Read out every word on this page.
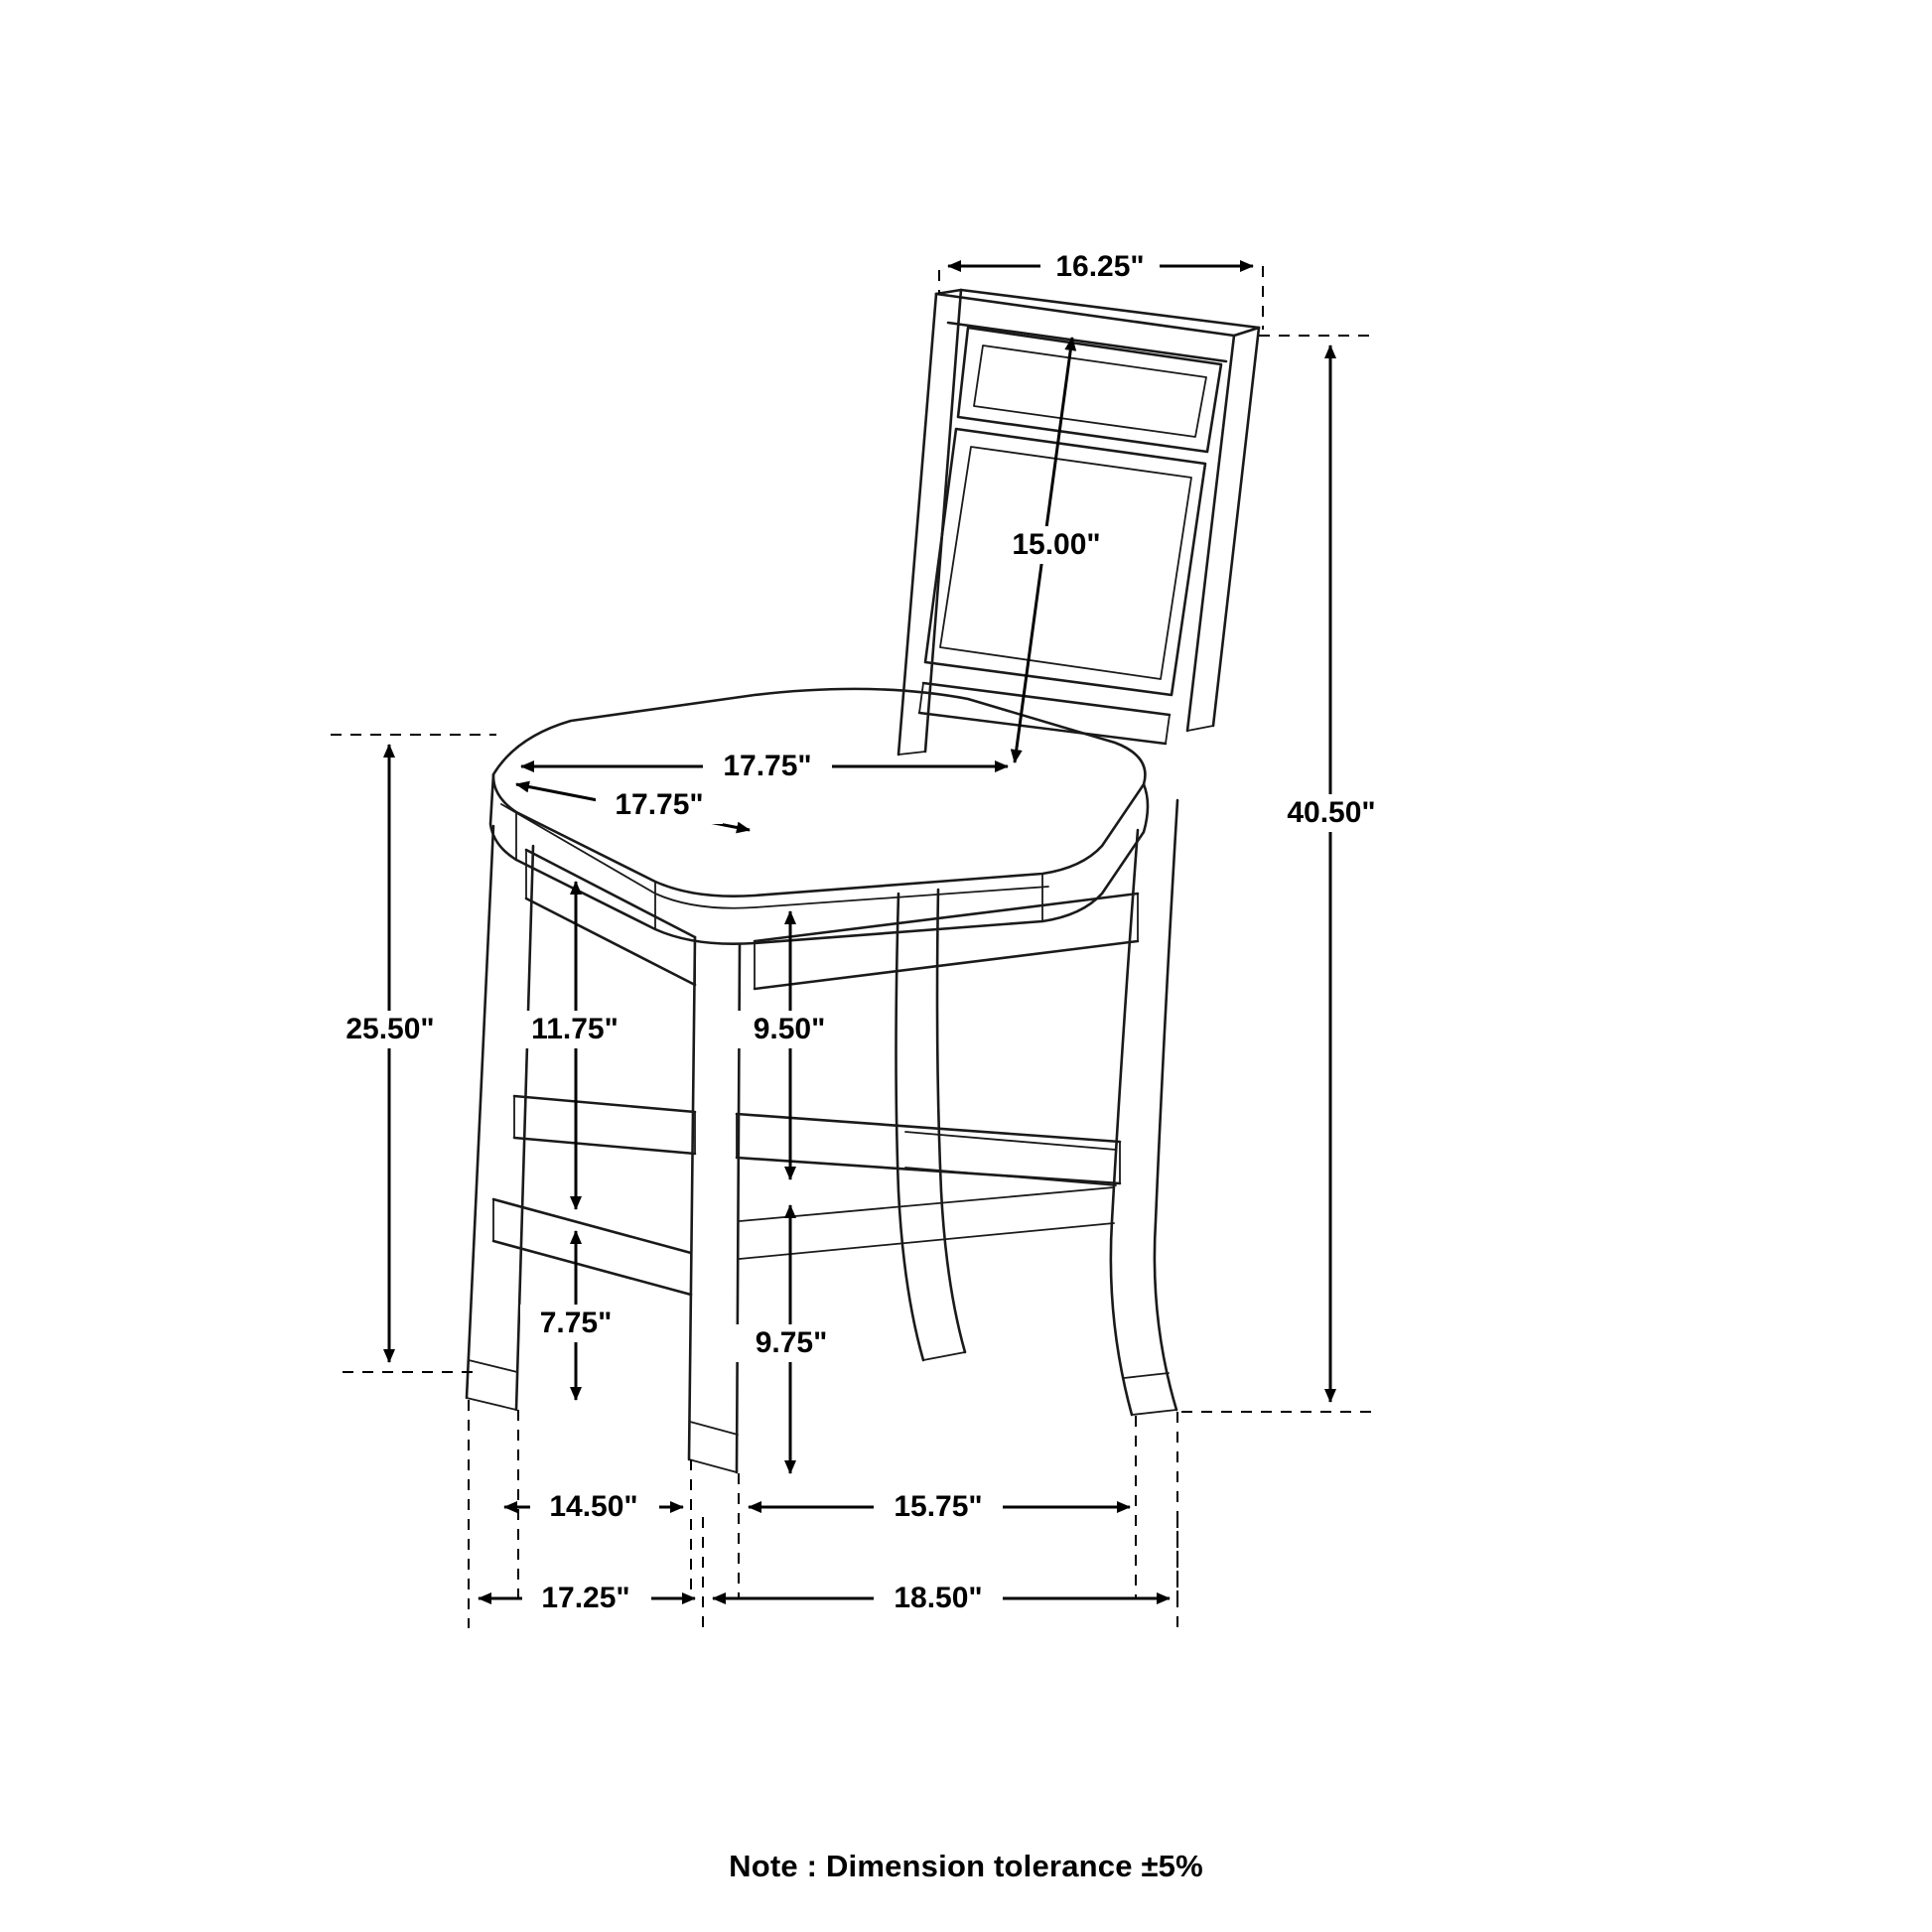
16.25"
40.50"
15.00"
17.75"
17.75"
25.50"	11.75"	9.50"
7.75"
9.75"
14.50"	15.75"
17.25"	18.50"
Note : Dimension tolerance ±5%
